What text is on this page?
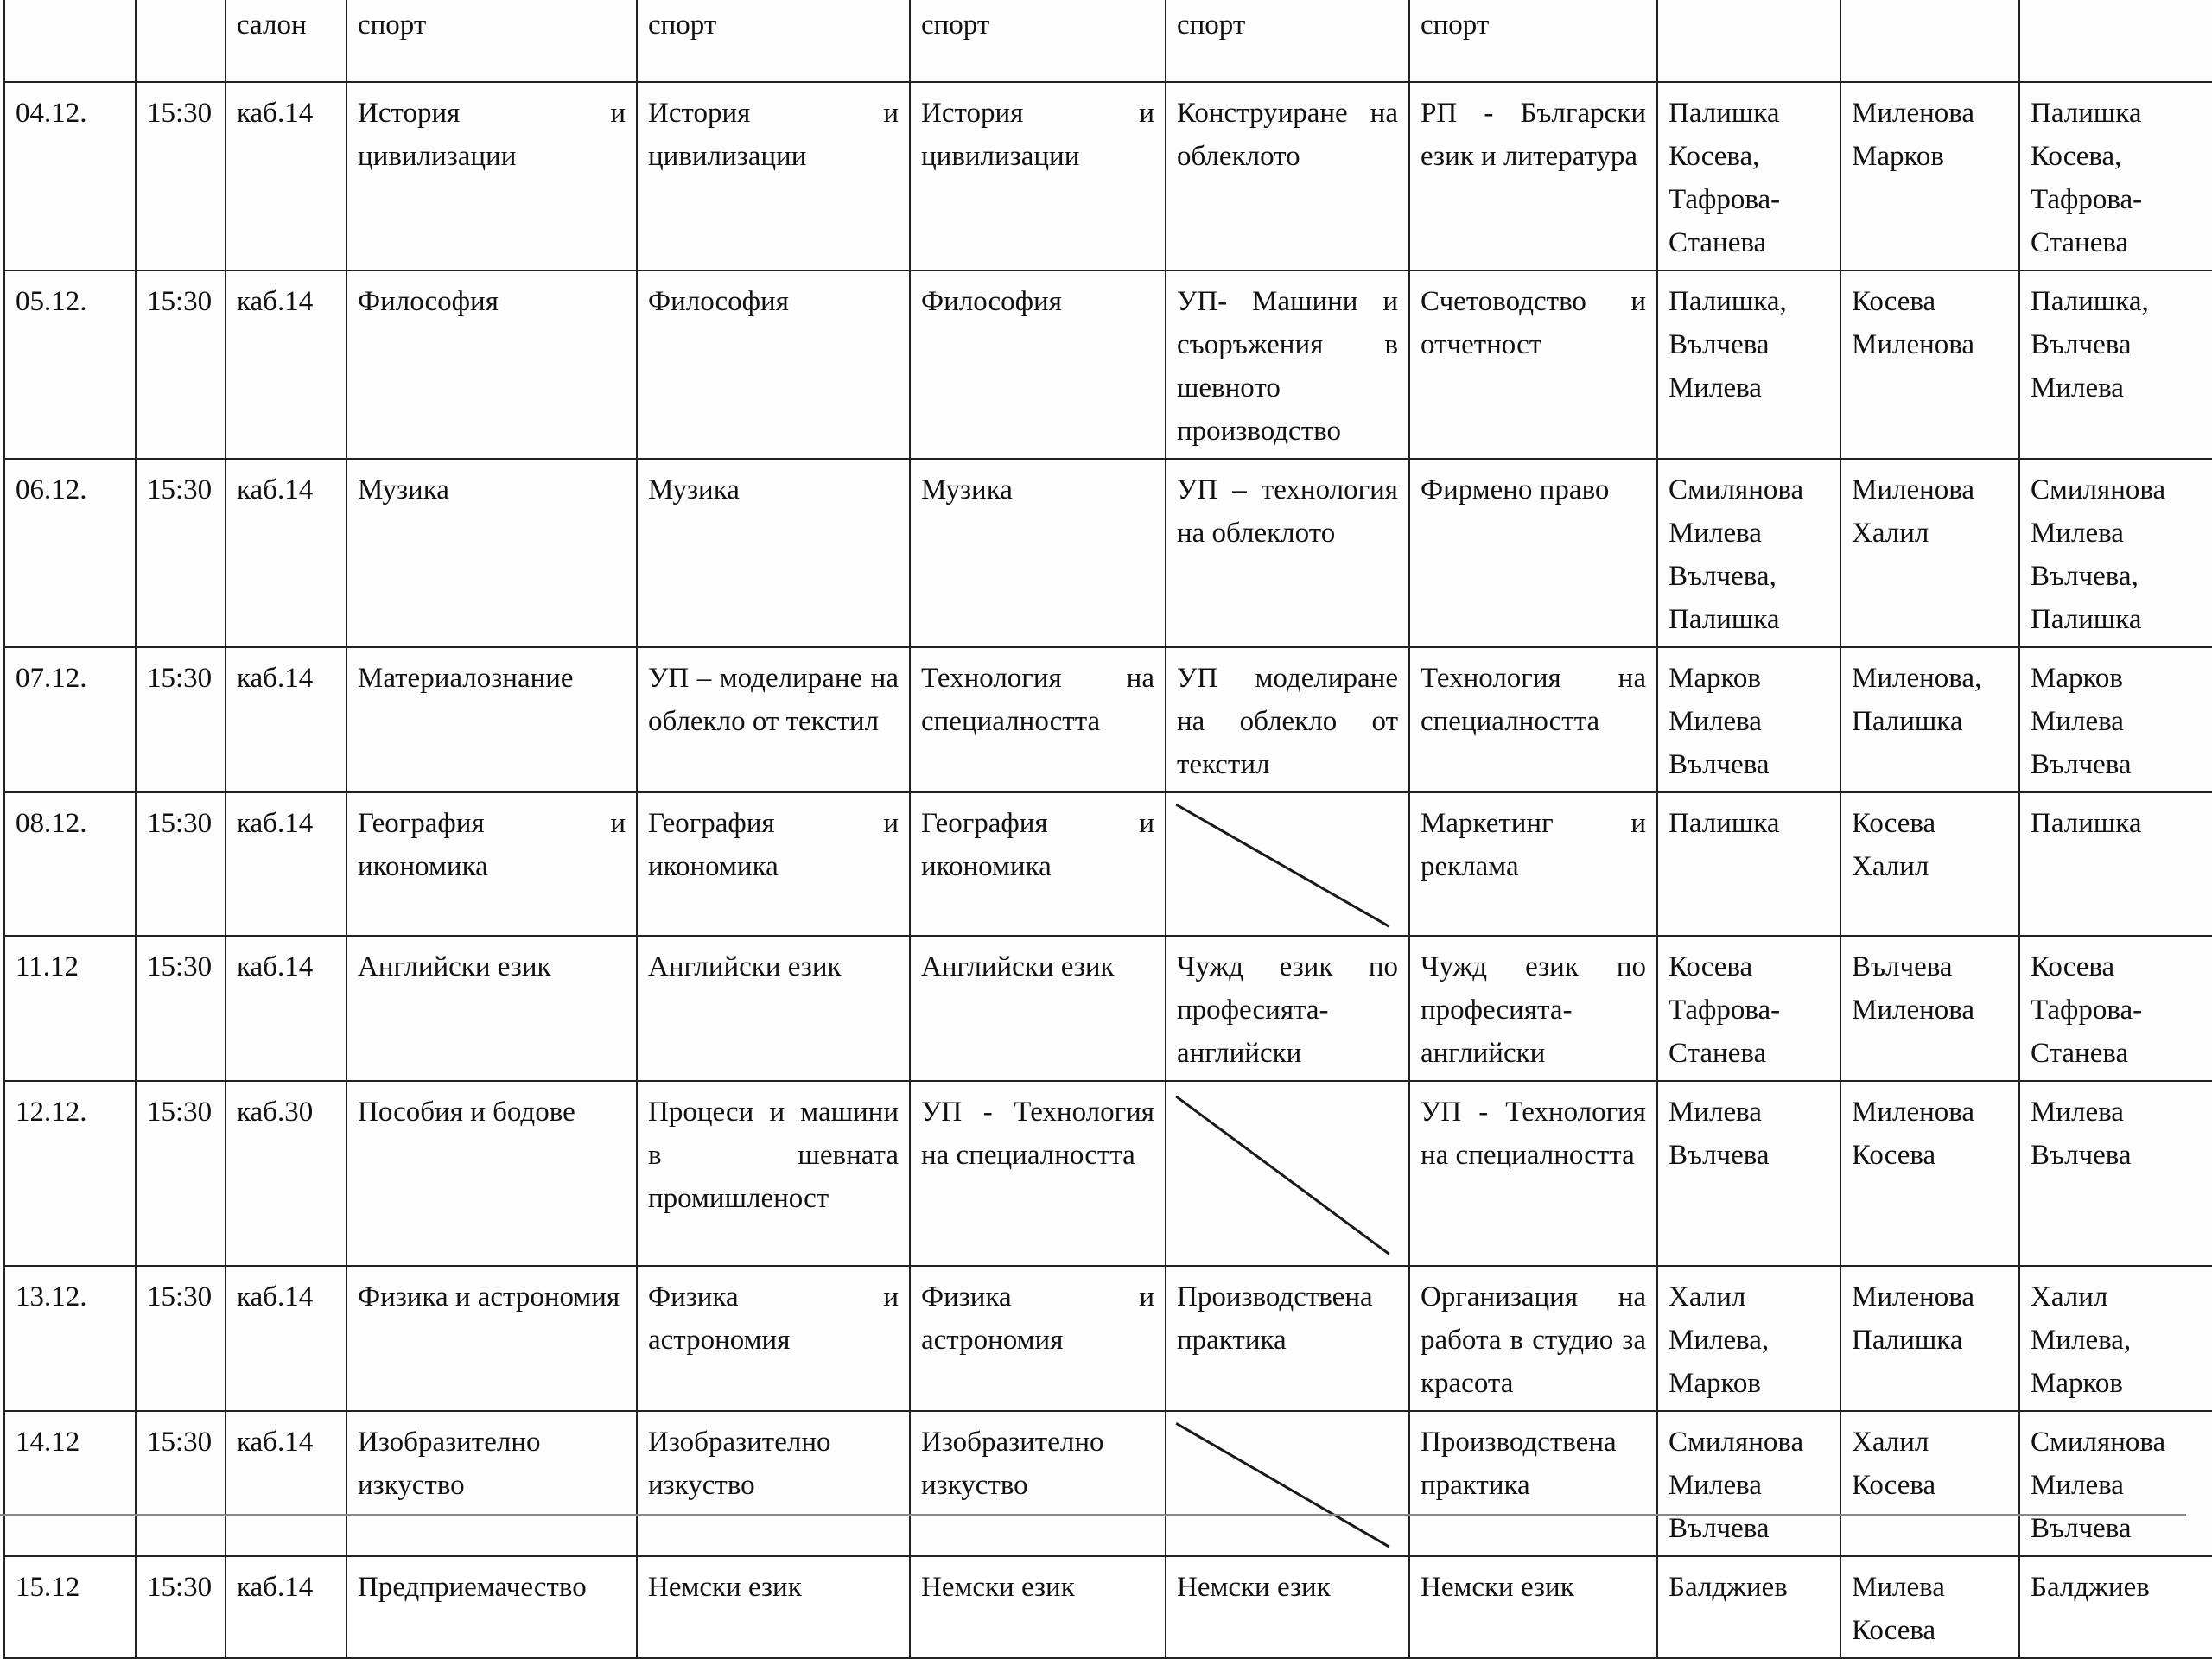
		салон	спорт	спорт	спорт	спорт	спорт			
04.12.	15:30	каб.14	История и цивилизации	История и цивилизации	История и цивилизации	Конструиране на облеклото	РП - Български език и литература	Палишка Косева, Тафрова-Станева	Миленова Марков	Палишка Косева, Тафрова-Станева
05.12.	15:30	каб.14	Философия	Философия	Философия	УП- Машини и съоръжения в шевното производство	Счетоводство и отчетност	Палишка, Вълчева Милева	Косева Миленова	Палишка, Вълчева Милева
06.12.	15:30	каб.14	Музика	Музика	Музика	УП – технология на облеклото	Фирмено право	Смилянова Милева Вълчева, Палишка	Миленова Халил	Смилянова Милева Вълчева, Палишка
07.12.	15:30	каб.14	Материалознание	УП – моделиране на облекло от текстил	Технология на специалността	УП моделиране на облекло от текстил	Технология на специалността	Марков Милева Вълчева	Миленова, Палишка	Марков Милева Вълчева
08.12.	15:30	каб.14	География и икономика	География и икономика	География и икономика		Маркетинг и реклама	Палишка	Косева Халил	Палишка
11.12	15:30	каб.14	Английски език	Английски език	Английски език	Чужд език по професията-английски	Чужд език по професията-английски	Косева Тафрова-Станева	Вълчева Миленова	Косева Тафрова-Станева
12.12.	15:30	каб.30	Пособия и бодове	Процеси и машини в шевната промишленост	УП - Технология на специалността		УП - Технология на специалността	Милева Вълчева	Миленова Косева	Милева Вълчева
13.12.	15:30	каб.14	Физика и астрономия	Физика и астрономия	Физика и астрономия	Производствена практика	Организация на работа в студио за красота	Халил Милева, Марков	Миленова Палишка	Халил Милева, Марков
14.12	15:30	каб.14	Изобразително изкуство	Изобразително изкуство	Изобразително изкуство		Производствена практика	Смилянова Милева Вълчева	Халил Косева	Смилянова Милева Вълчева
15.12	15:30	каб.14	Предприемачество	Немски език	Немски език	Немски език	Немски език	Балджиев	Милева Косева	Балджиев
